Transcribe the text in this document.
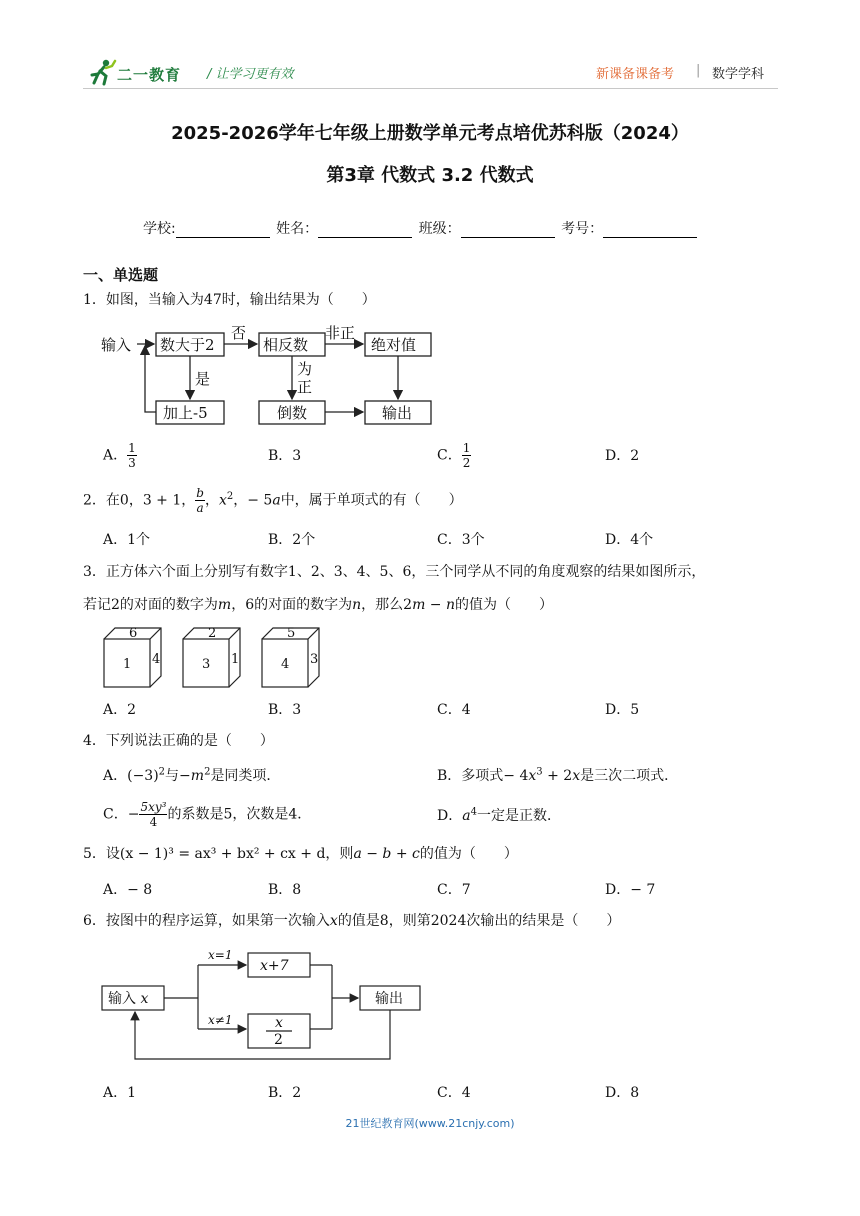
二一教育 / 让学习更有效	新课备课备考 | 数学学科
2025-2026学年七年级上册数学单元考点培优苏科版（2024）
第3章 代数式 3.2 代数式
学校:	姓名：	班级：	考号：
一、单选题
1．如图，当输入为47时，输出结果为（　　）
输入 数大于2
否
是
相反数
非正
为
正
绝对值
加上-5	倒数	输出
A． $\frac{1}{3}$	B．3	C． $\frac{1}{2}$	D．2
2．在0，3 + 1， $\frac{b}{a}$ ，$x^2$，− 5a中，属于单项式的有（　　）
A．1个	B．2个	C．3个	D．4个
3．正方体六个面上分别写有数字1、2、3、4、5、6，三个同学从不同的角度观察的结果如图所示，
若记2的对面的数字为m，6的对面的数字为n，那么2m − n的值为（　　）
6
1 4
2
3 1
5
4 3
A．2	B．3	C．4	D．5
4．下列说法正确的是（　　）
A．$(-3)^2$与$-m^2$是同类项．	B．多项式− $4x^3 + 2x$是三次二项式．
C．− $\frac{\text{5xy³}}{4}$ 的系数是5，次数是4．	D．$a^4$一定是正数．
5．设(x − 1)³ = ax³ + bx² + cx + d，则a − b + c的值为（　　）
A．− 8	B．8	C．7	D．− 7
6．按图中的程序运算，如果第一次输入x的值是8，则第2024次输出的结果是（　　）
输入 x
x=1
x+7
x≠1	x
2
输出
A．1	B．2	C．4	D．8
21世纪教育网(www.21cnjy.com)
